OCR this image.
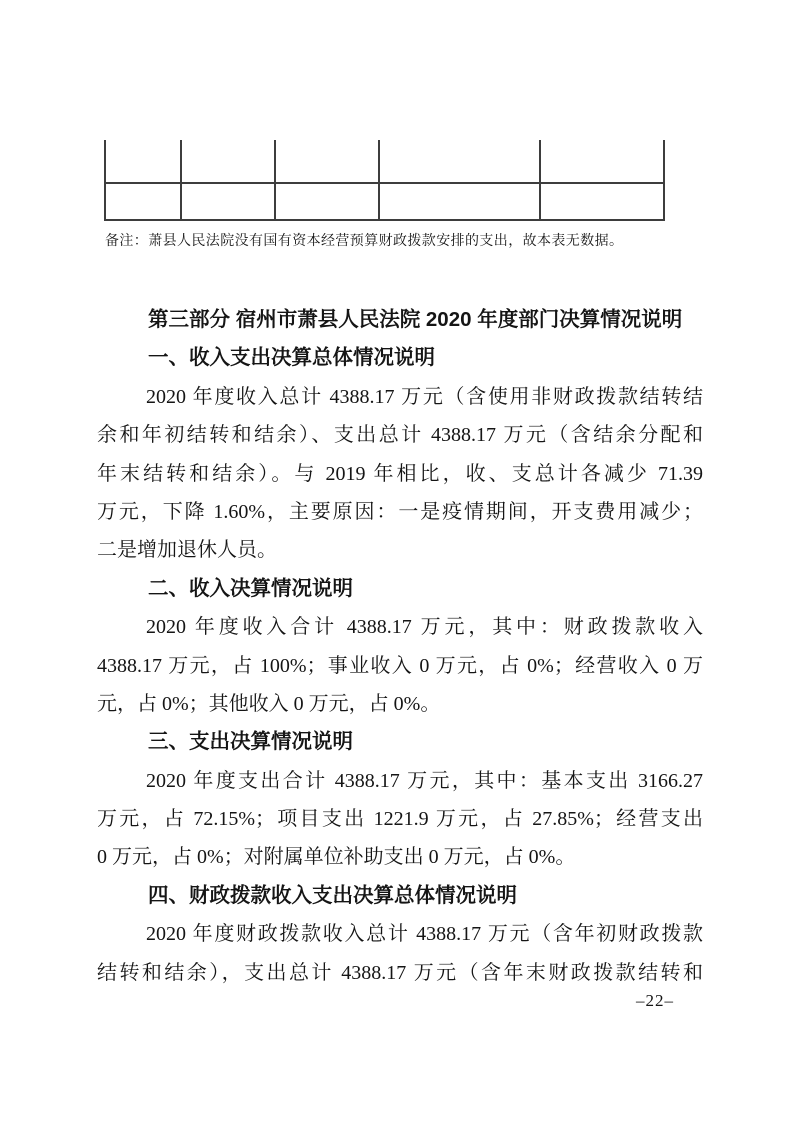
备注：萧县人民法院没有国有资本经营预算财政拨款安排的支出，故本表无数据。
第三部分 宿州市萧县人民法院 2020 年度部门决算情况说明
一、收入支出决算总体情况说明
2020 年度收入总计 4388.17 万元（含使用非财政拨款结转结
余和年初结转和结余）、支出总计 4388.17 万元（含结余分配和
年末结转和结余）。与 2019 年相比，收、支总计各减少 71.39
万元，下降 1.60%，主要原因：一是疫情期间，开支费用减少；
二是增加退休人员。
二、收入决算情况说明
2020 年度收入合计 4388.17 万元，其中：财政拨款收入
4388.17 万元，占 100%；事业收入 0 万元，占 0%；经营收入 0 万
元，占 0%；其他收入 0 万元，占 0%。
三、支出决算情况说明
2020 年度支出合计 4388.17 万元，其中：基本支出 3166.27
万元，占 72.15%；项目支出 1221.9 万元，占 27.85%；经营支出
0 万元，占 0%；对附属单位补助支出 0 万元，占 0%。
四、财政拨款收入支出决算总体情况说明
2020 年度财政拨款收入总计 4388.17 万元（含年初财政拨款
结转和结余），支出总计 4388.17 万元（含年末财政拨款结转和
–22–
